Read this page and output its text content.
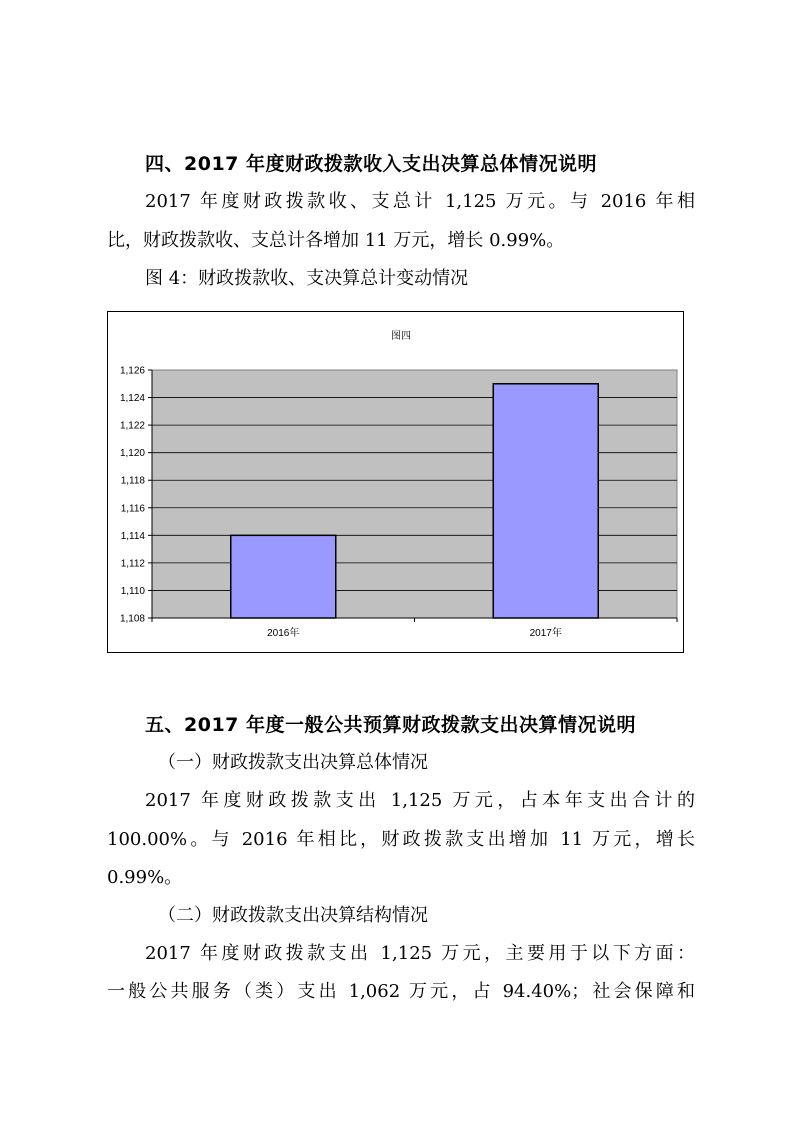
四、2017 年度财政拨款收入支出决算总体情况说明
2017 年度财政拨款收、支总计 1,125 万元。与 2016 年相
比，财政拨款收、支总计各增加 11 万元，增长 0.99%。
图 4：财政拨款收、支决算总计变动情况
图四
1,108
1,110
1,112
1,114
1,116
1,118
1,120
1,122
1,124
1,126
2016年	2017年
五、2017 年度一般公共预算财政拨款支出决算情况说明
（一）财政拨款支出决算总体情况
2017 年度财政拨款支出 1,125 万元，占本年支出合计的
100.00%。与 2016 年相比，财政拨款支出增加 11 万元，增长
0.99%。
（二）财政拨款支出决算结构情况
2017 年度财政拨款支出 1,125 万元，主要用于以下方面：
一般公共服务（类）支出 1,062 万元，占 94.40%；社会保障和
